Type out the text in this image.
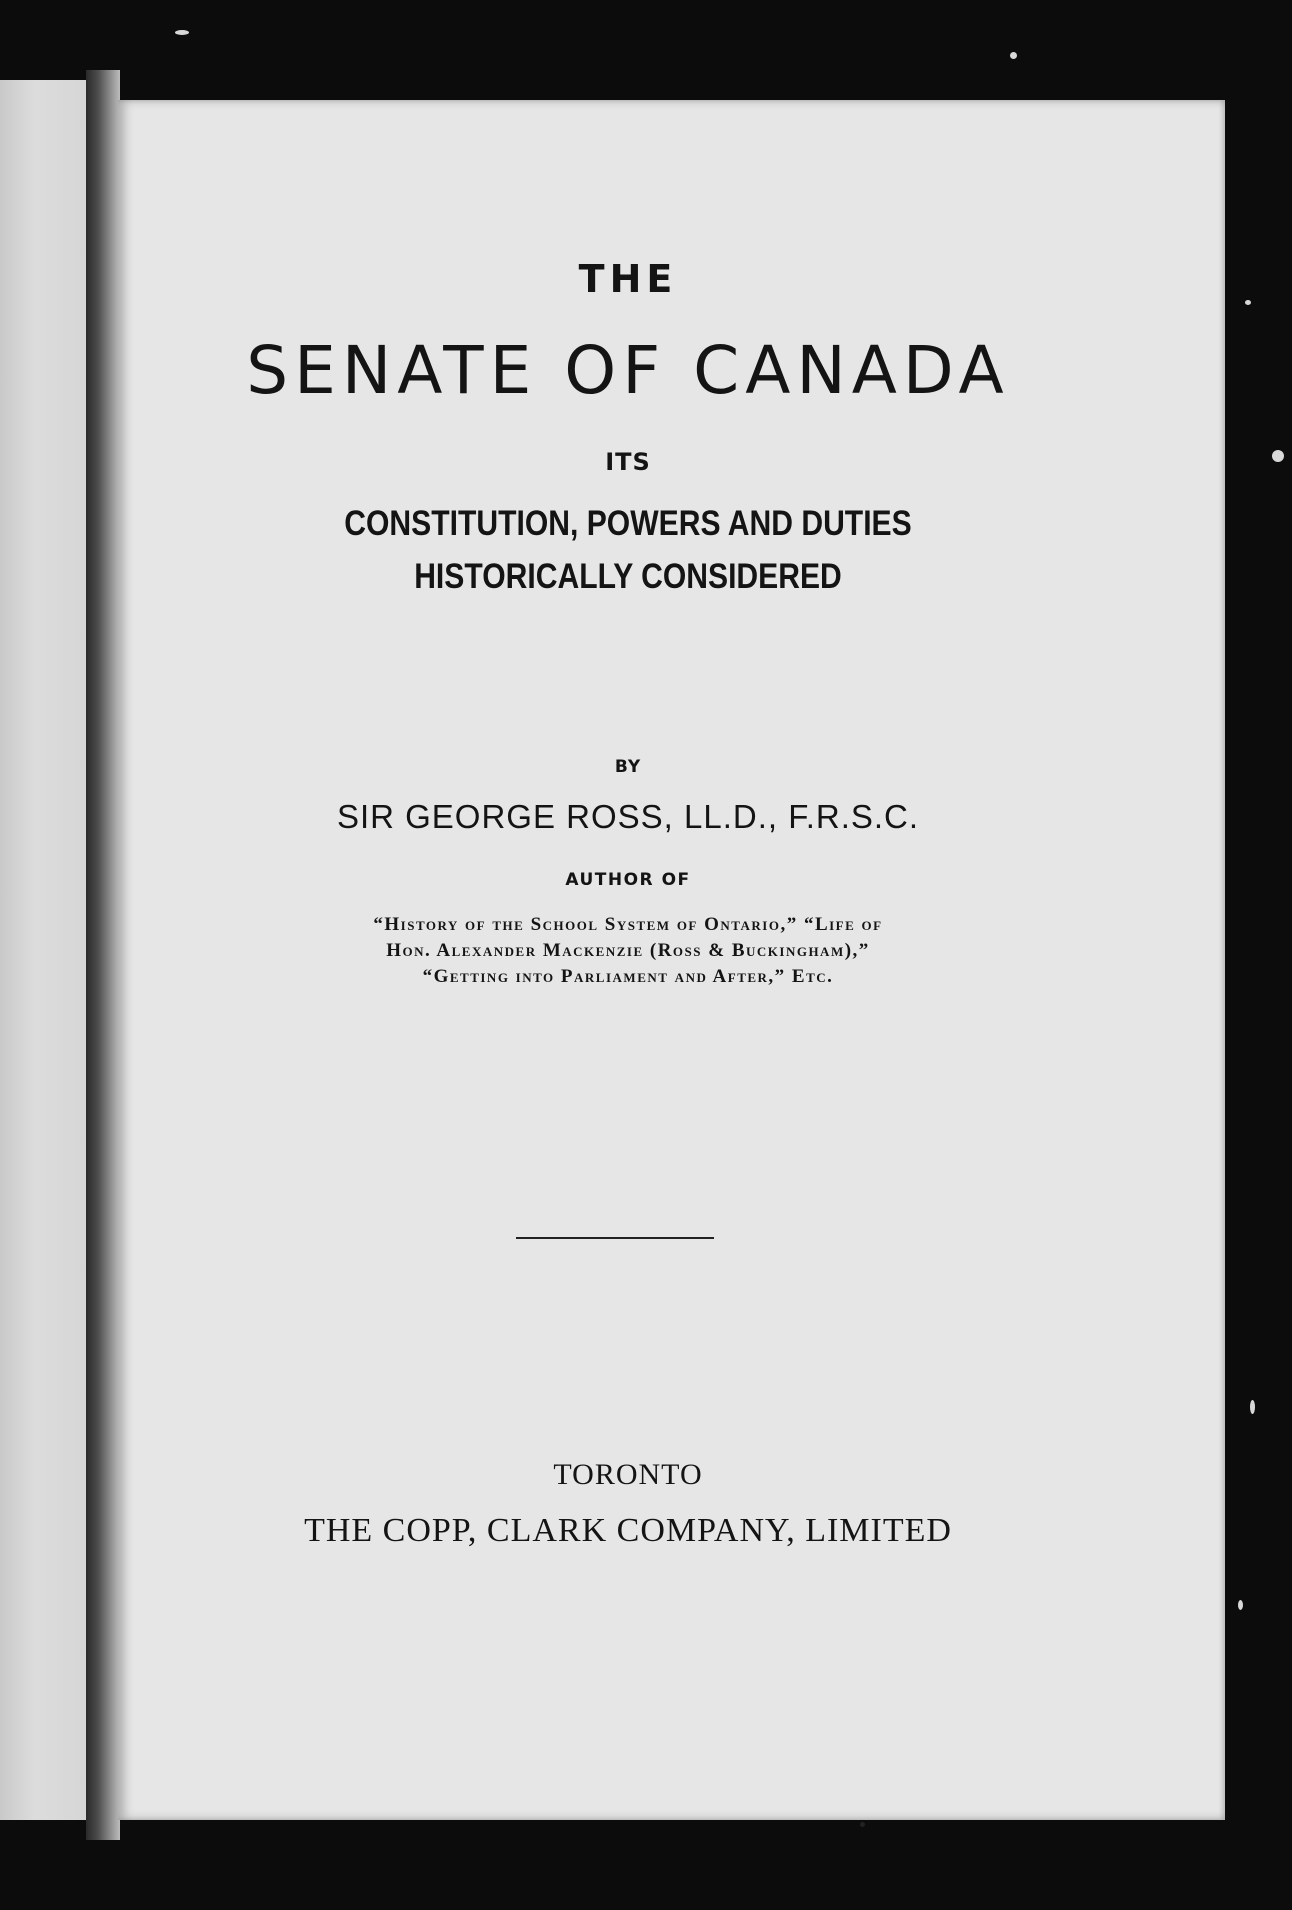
THE
SENATE OF CANADA
ITS
CONSTITUTION, POWERS AND DUTIES
HISTORICALLY CONSIDERED
BY
SIR GEORGE ROSS, LL.D., F.R.S.C.
AUTHOR OF
“History of the School System of Ontario,” “Life of
Hon. Alexander Mackenzie (Ross & Buckingham),”
“Getting into Parliament and After,” Etc.
TORONTO
THE COPP, CLARK COMPANY, LIMITED
